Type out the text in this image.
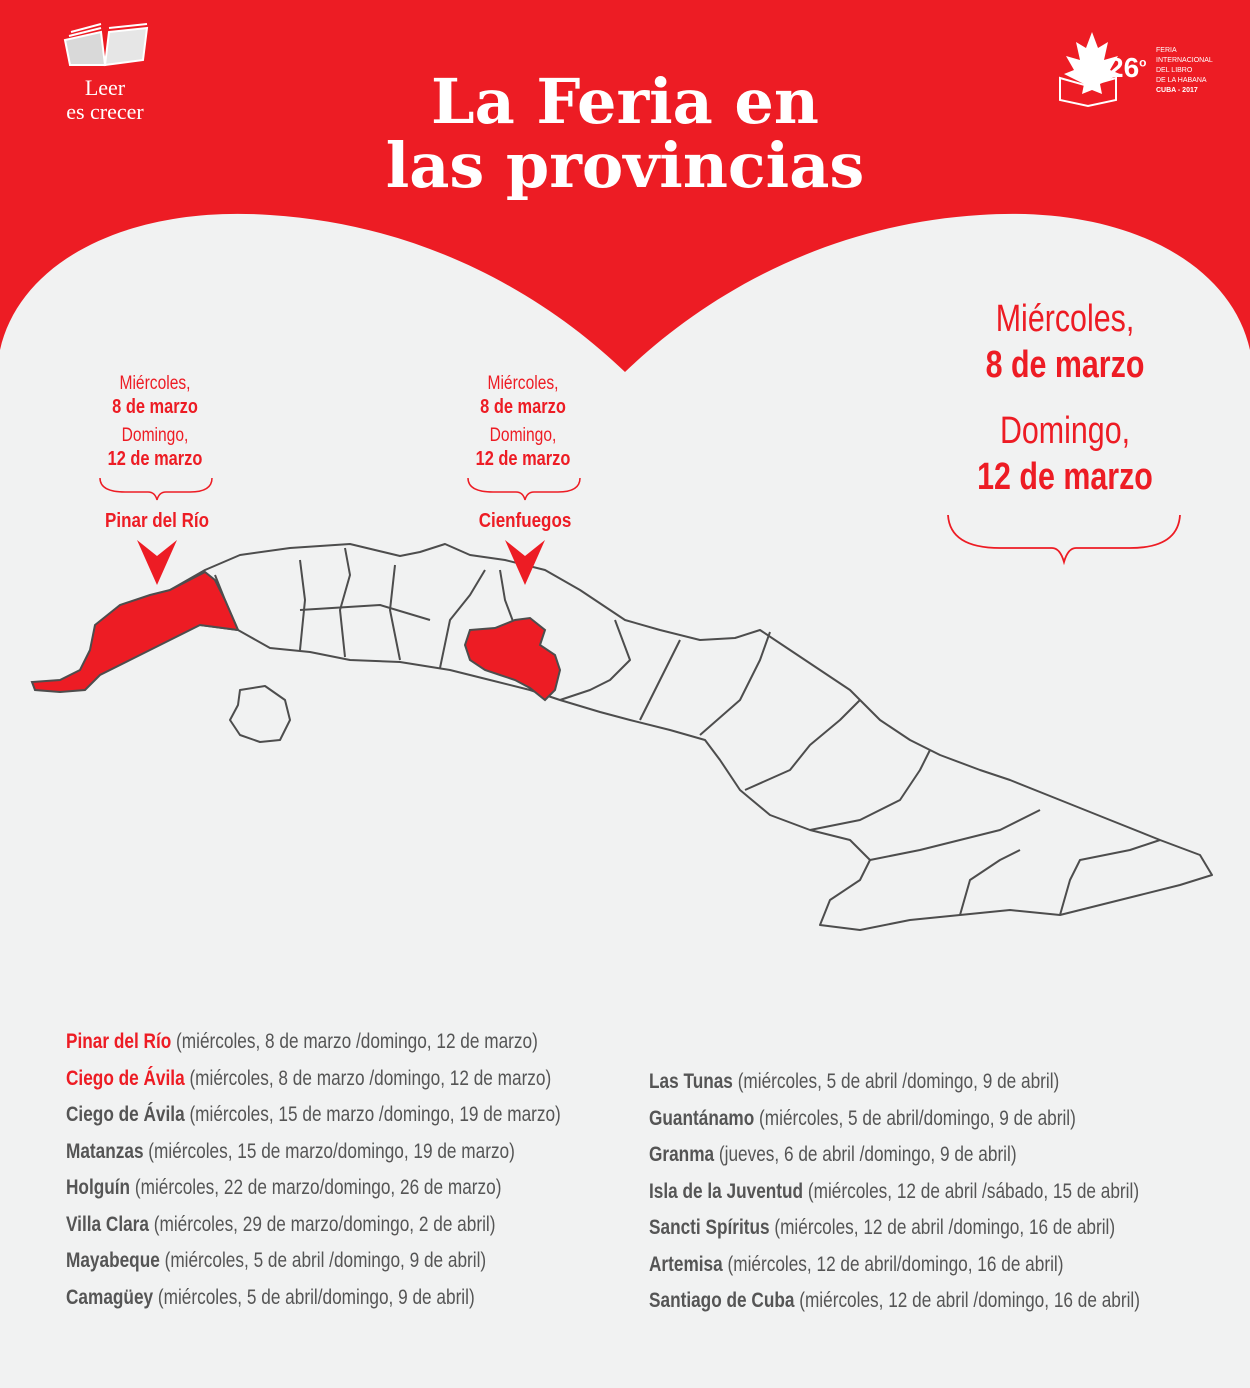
Leer
es crecer	La Feria en
las provincias
26$^o$
FERIA
INTERNACIONAL
DEL LIBRO
DE LA HABANA
CUBA - 2017
Miércoles,
8 de marzo
Domingo,
12 de marzo
Pinar del Río
Miércoles,
8 de marzo
Domingo,
12 de marzo
Cienfuegos
Miércoles,
8 de marzo
Domingo,
12 de marzo
Pinar del Río (miércoles, 8 de marzo /domingo, 12 de marzo)
Ciego de Ávila (miércoles, 8 de marzo /domingo, 12 de marzo)
Ciego de Ávila (miércoles, 15 de marzo /domingo, 19 de marzo)
Matanzas (miércoles, 15 de marzo/domingo, 19 de marzo)
Holguín (miércoles, 22 de marzo/domingo, 26 de marzo)
Villa Clara (miércoles, 29 de marzo/domingo, 2 de abril)
Mayabeque (miércoles, 5 de abril /domingo, 9 de abril)
Camagüey (miércoles, 5 de abril/domingo, 9 de abril)
Las Tunas (miércoles, 5 de abril /domingo, 9 de abril)
Guantánamo (miércoles, 5 de abril/domingo, 9 de abril)
Granma (jueves, 6 de abril /domingo, 9 de abril)
Isla de la Juventud (miércoles, 12 de abril /sábado, 15 de abril)
Sancti Spíritus (miércoles, 12 de abril /domingo, 16 de abril)
Artemisa (miércoles, 12 de abril/domingo, 16 de abril)
Santiago de Cuba (miércoles, 12 de abril /domingo, 16 de abril)
